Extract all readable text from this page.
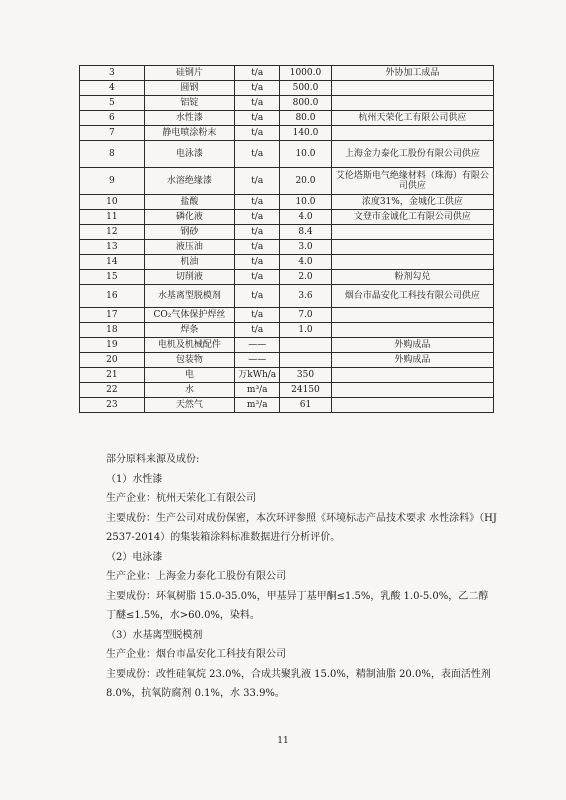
3	硅钢片	t/a	1000.0	外协加工成品
4	圆钢	t/a	500.0	
5	铝锭	t/a	800.0	
6	水性漆	t/a	80.0	杭州天荣化工有限公司供应
7	静电喷涂粉末	t/a	140.0	
8	电泳漆	t/a	10.0	上海金力泰化工股份有限公司供应
9	水溶绝缘漆	t/a	20.0	艾伦塔斯电气绝缘材料（珠海）有限公司供应
10	盐酸	t/a	10.0	浓度31%，金城化工供应
11	磷化液	t/a	4.0	文登市金诚化工有限公司供应
12	钢砂	t/a	8.4	
13	液压油	t/a	3.0	
14	机油	t/a	4.0	
15	切削液	t/a	2.0	粉剂勾兑
16	水基离型脱模剂	t/a	3.6	烟台市晶安化工科技有限公司供应
17	CO₂气体保护焊丝	t/a	7.0	
18	焊条	t/a	1.0	
19	电机及机械配件	——		外购成品
20	包装物	——		外购成品
21	电	万kWh/a	350	
22	水	m³/a	24150	
23	天然气	m³/a	61	

部分原料来源及成份:

（1）水性漆

生产企业：杭州天荣化工有限公司

主要成份：生产公司对成份保密，本次环评参照《环境标志产品技术要求 水性涂料》（HJ 2537-2014）的集装箱涂料标准数据进行分析评价。

（2）电泳漆

生产企业：上海金力泰化工股份有限公司

主要成份：环氧树脂 15.0-35.0%，甲基异丁基甲酮≤1.5%，乳酸 1.0-5.0%，乙二醇丁醚≤1.5%，水>60.0%，染料。

（3）水基离型脱模剂

生产企业：烟台市晶安化工科技有限公司

主要成份：改性硅氧烷 23.0%，合成共聚乳液 15.0%，精制油脂 20.0%，表面活性剂 8.0%，抗氧防腐剂 0.1%，水 33.9%。

11
